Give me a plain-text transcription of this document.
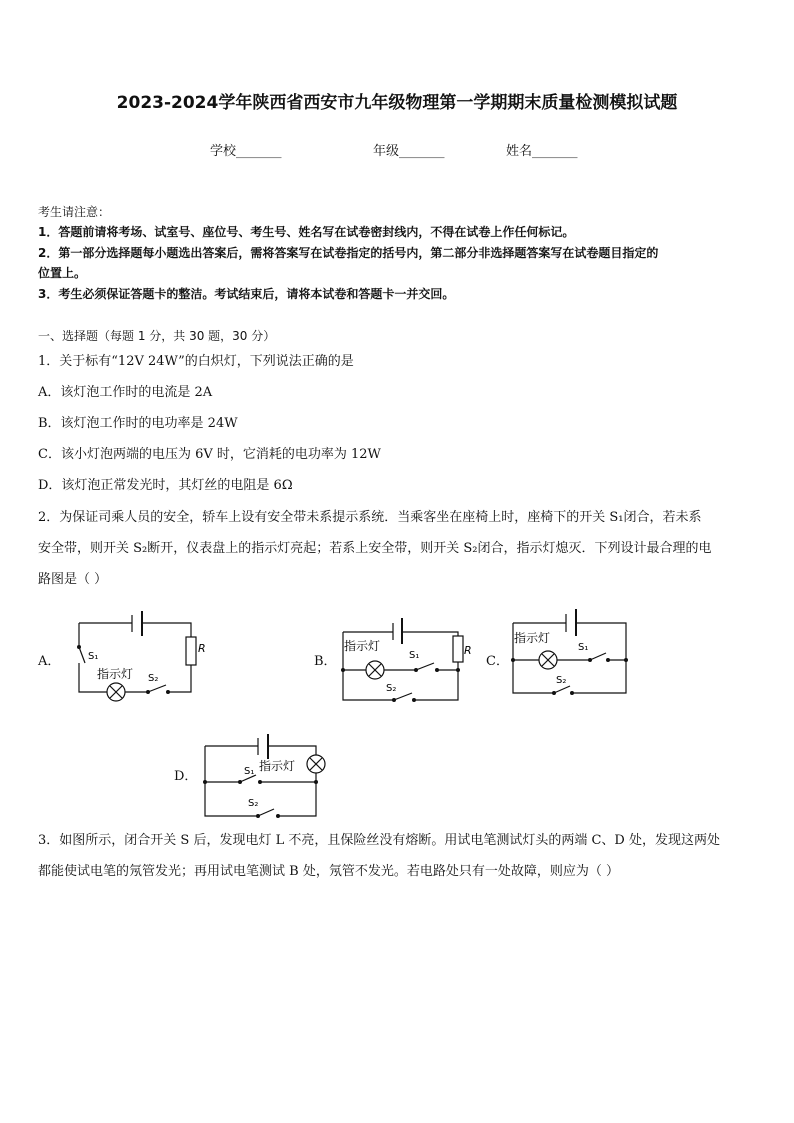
2023-2024学年陕西省西安市九年级物理第一学期期末质量检测模拟试题
学校_______	年级_______	姓名_______
考生请注意：
1．答题前请将考场、试室号、座位号、考生号、姓名写在试卷密封线内，不得在试卷上作任何标记。
2．第一部分选择题每小题选出答案后，需将答案写在试卷指定的括号内，第二部分非选择题答案写在试卷题目指定的
位置上。
3．考生必须保证答题卡的整洁。考试结束后，请将本试卷和答题卡一并交回。
一、选择题（每题 1 分，共 30 题，30 分）
1．关于标有“12V 24W”的白炽灯，下列说法正确的是
A．该灯泡工作时的电流是 2A
B．该灯泡工作时的电功率是 24W
C．该小灯泡两端的电压为 6V 时，它消耗的电功率为 12W
D．该灯泡正常发光时，其灯丝的电阻是 6Ω
2．为保证司乘人员的安全，轿车上设有安全带未系提示系统．当乘客坐在座椅上时，座椅下的开关 S₁闭合，若未系
安全带，则开关 S₂断开，仪表盘上的指示灯亮起；若系上安全带，则开关 S₂闭合，指示灯熄灭．下列设计最合理的电
路图是（ ）
A．	S₁
指示灯 S₂
R
B．
指示灯
S₁
S₂
R
C．
指示灯
S₁
S₂
D．	S₁ 指示灯
S₂
3．如图所示，闭合开关 S 后，发现电灯 L 不亮，且保险丝没有熔断。用试电笔测试灯头的两端 C、D 处，发现这两处
都能使试电笔的氖管发光；再用试电笔测试 B 处，氖管不发光。若电路处只有一处故障，则应为（ ）
